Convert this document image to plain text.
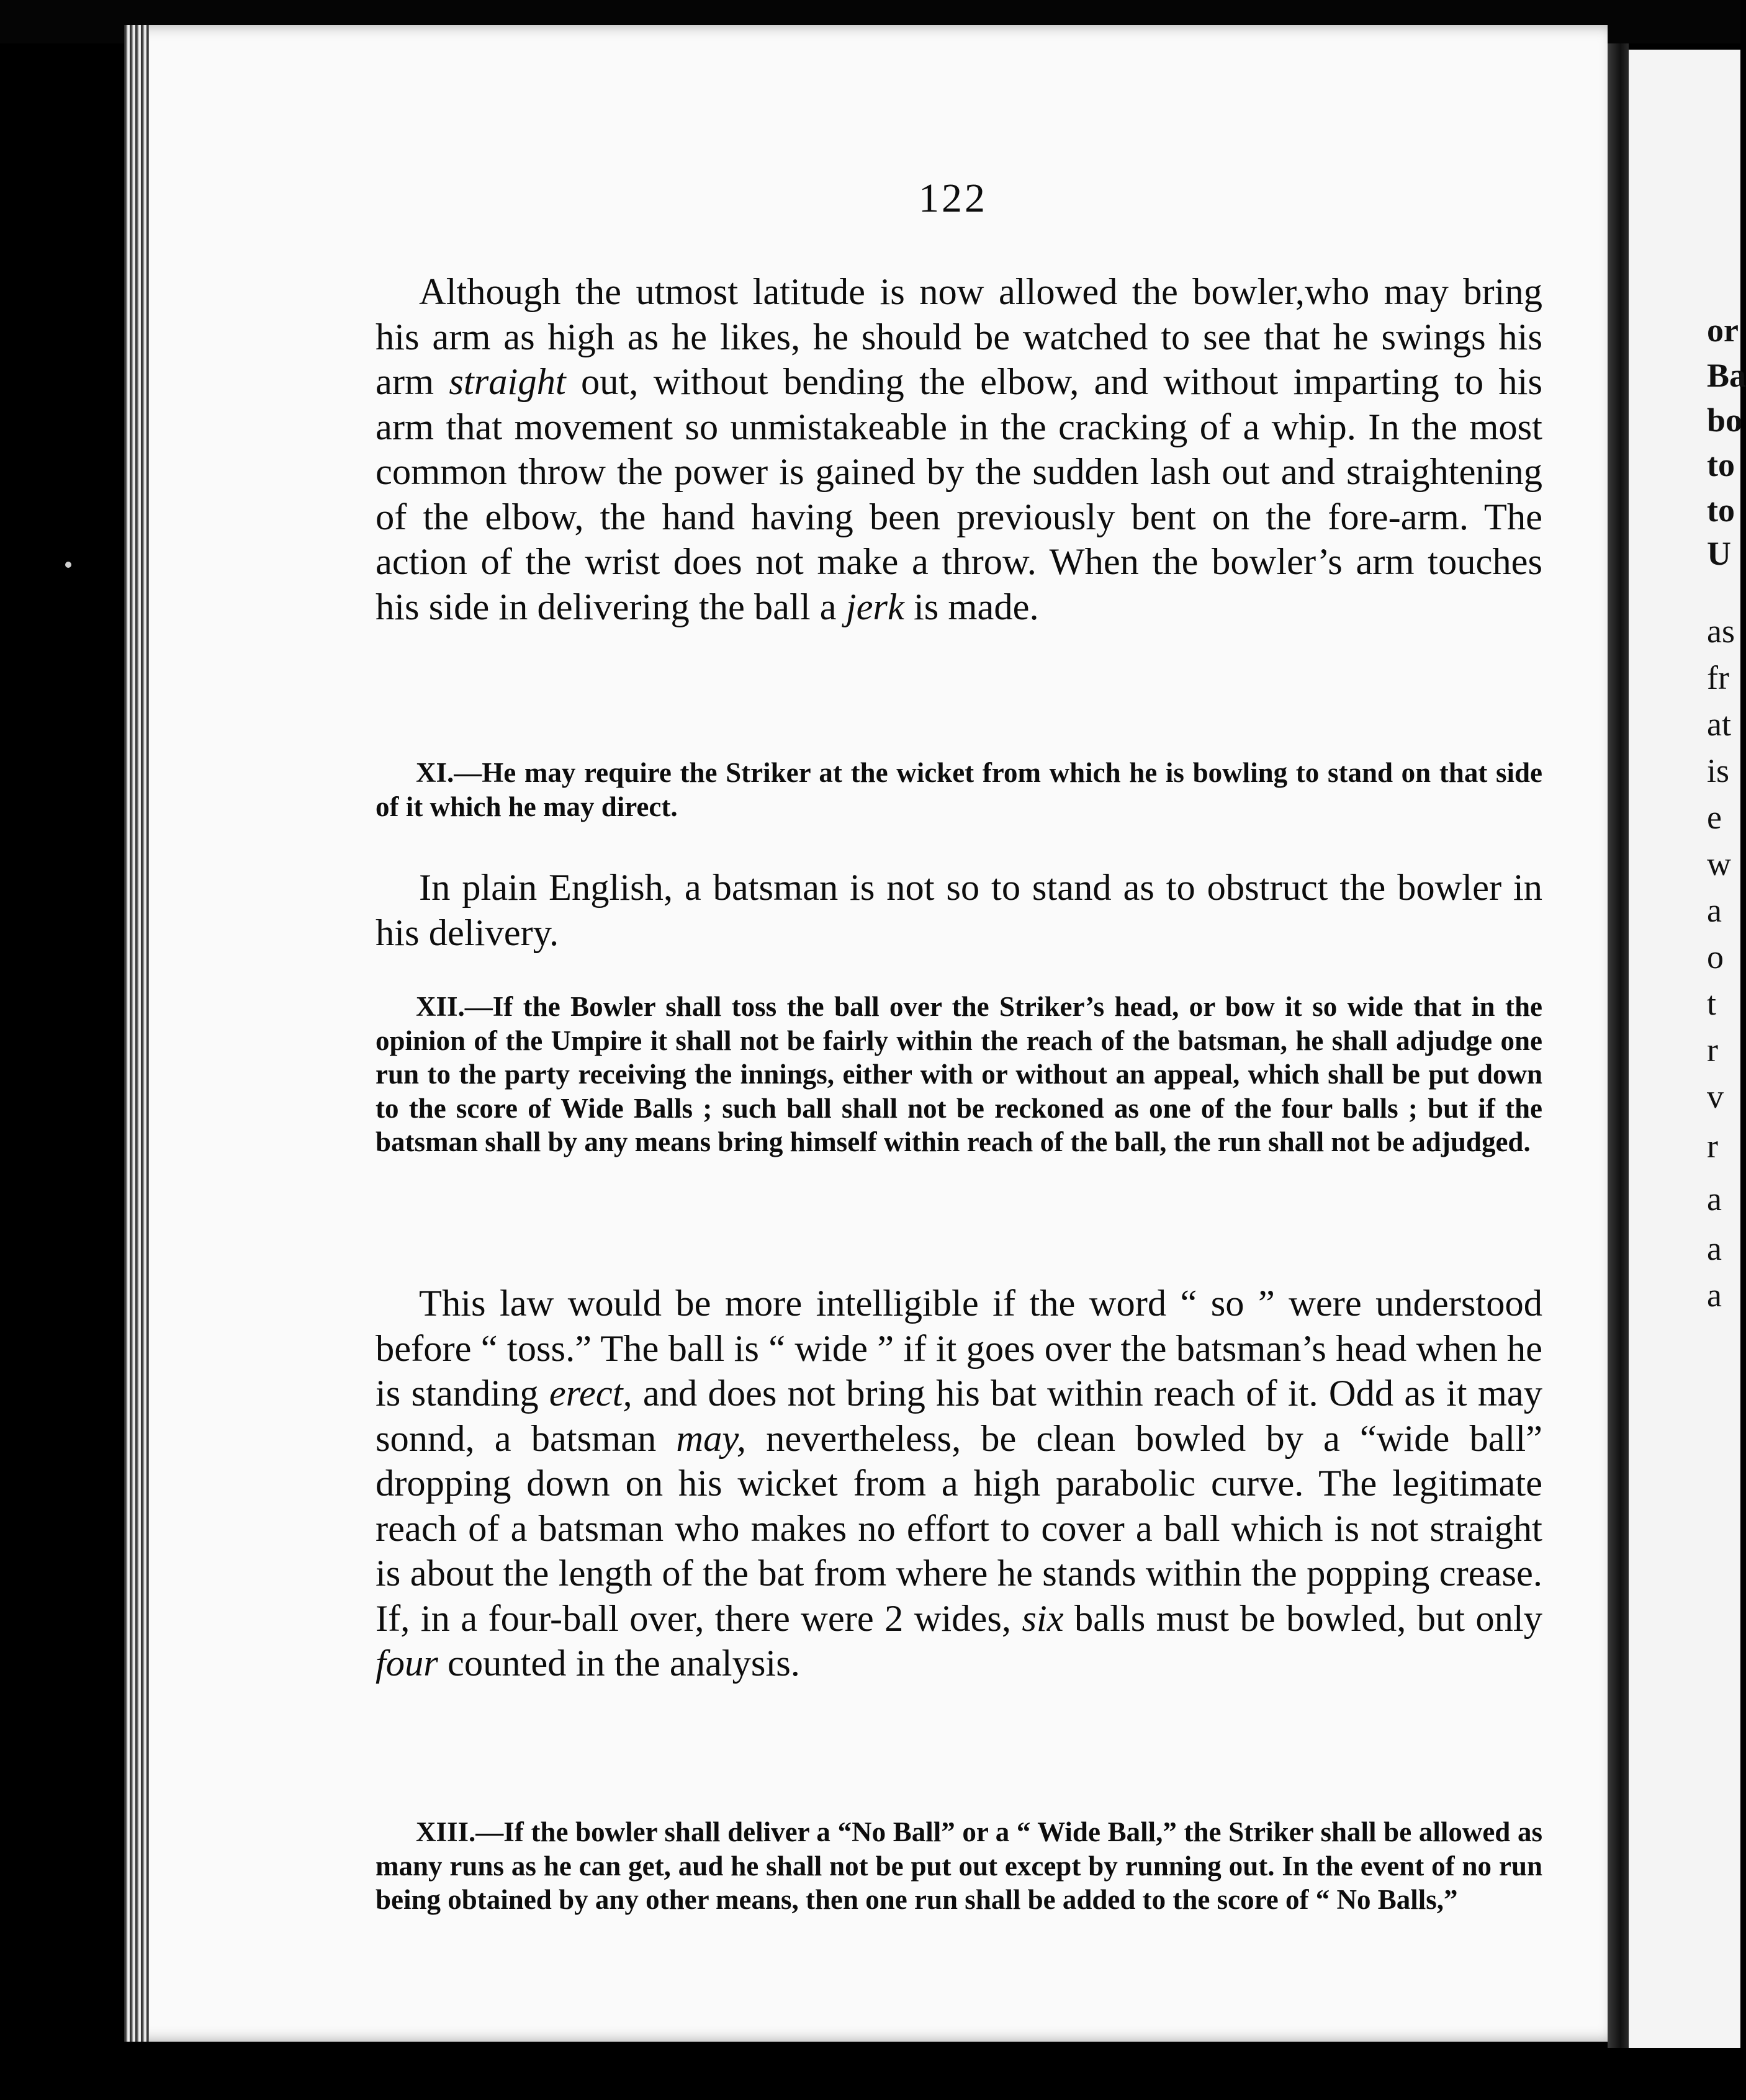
122

Although the utmost latitude is now allowed the bowler,who may bring his arm as high as he likes, he should be watched to see that he swings his arm straight out, without bending the elbow, and without imparting to his arm that movement so unmistakeable in the cracking of a whip. In the most common throw the power is gained by the sudden lash out and straightening of the elbow, the hand having been previously bent on the fore-arm. The action of the wrist does not make a throw. When the bowler’s arm touches his side in delivering the ball a jerk is made.

XI.—He may require the Striker at the wicket from which he is bowling to stand on that side of it which he may direct.

In plain English, a batsman is not so to stand as to obstruct the bowler in his delivery.

XII.—If the Bowler shall toss the ball over the Striker’s head, or bow it so wide that in the opinion of the Umpire it shall not be fairly within the reach of the batsman, he shall adjudge one run to the party receiving the innings, either with or without an appeal, which shall be put down to the score of Wide Balls ; such ball shall not be reckoned as one of the four balls ; but if the batsman shall by any means bring himself within reach of the ball, the run shall not be adjudged.

This law would be more intelligible if the word “ so ” were understood before “ toss.” The ball is “ wide ” if it goes over the batsman’s head when he is standing erect, and does not bring his bat within reach of it. Odd as it may sonnd, a batsman may, nevertheless, be clean bowled by a “wide ball” dropping down on his wicket from a high parabolic curve. The legitimate reach of a batsman who makes no effort to cover a ball which is not straight is about the length of the bat from where he stands within the popping crease. If, in a four-ball over, there were 2 wides, six balls must be bowled, but only four counted in the analysis.

XIII.—If the bowler shall deliver a “No Ball” or a “ Wide Ball,” the Striker shall be allowed as many runs as he can get, aud he shall not be put out except by running out. In the event of no run being obtained by any other means, then one run shall be added to the score of “ No Balls,”

or
Ba
bo
to
to
U
as
fr
at
is
e
w
a
o
t
r
v
r
a
a
a
